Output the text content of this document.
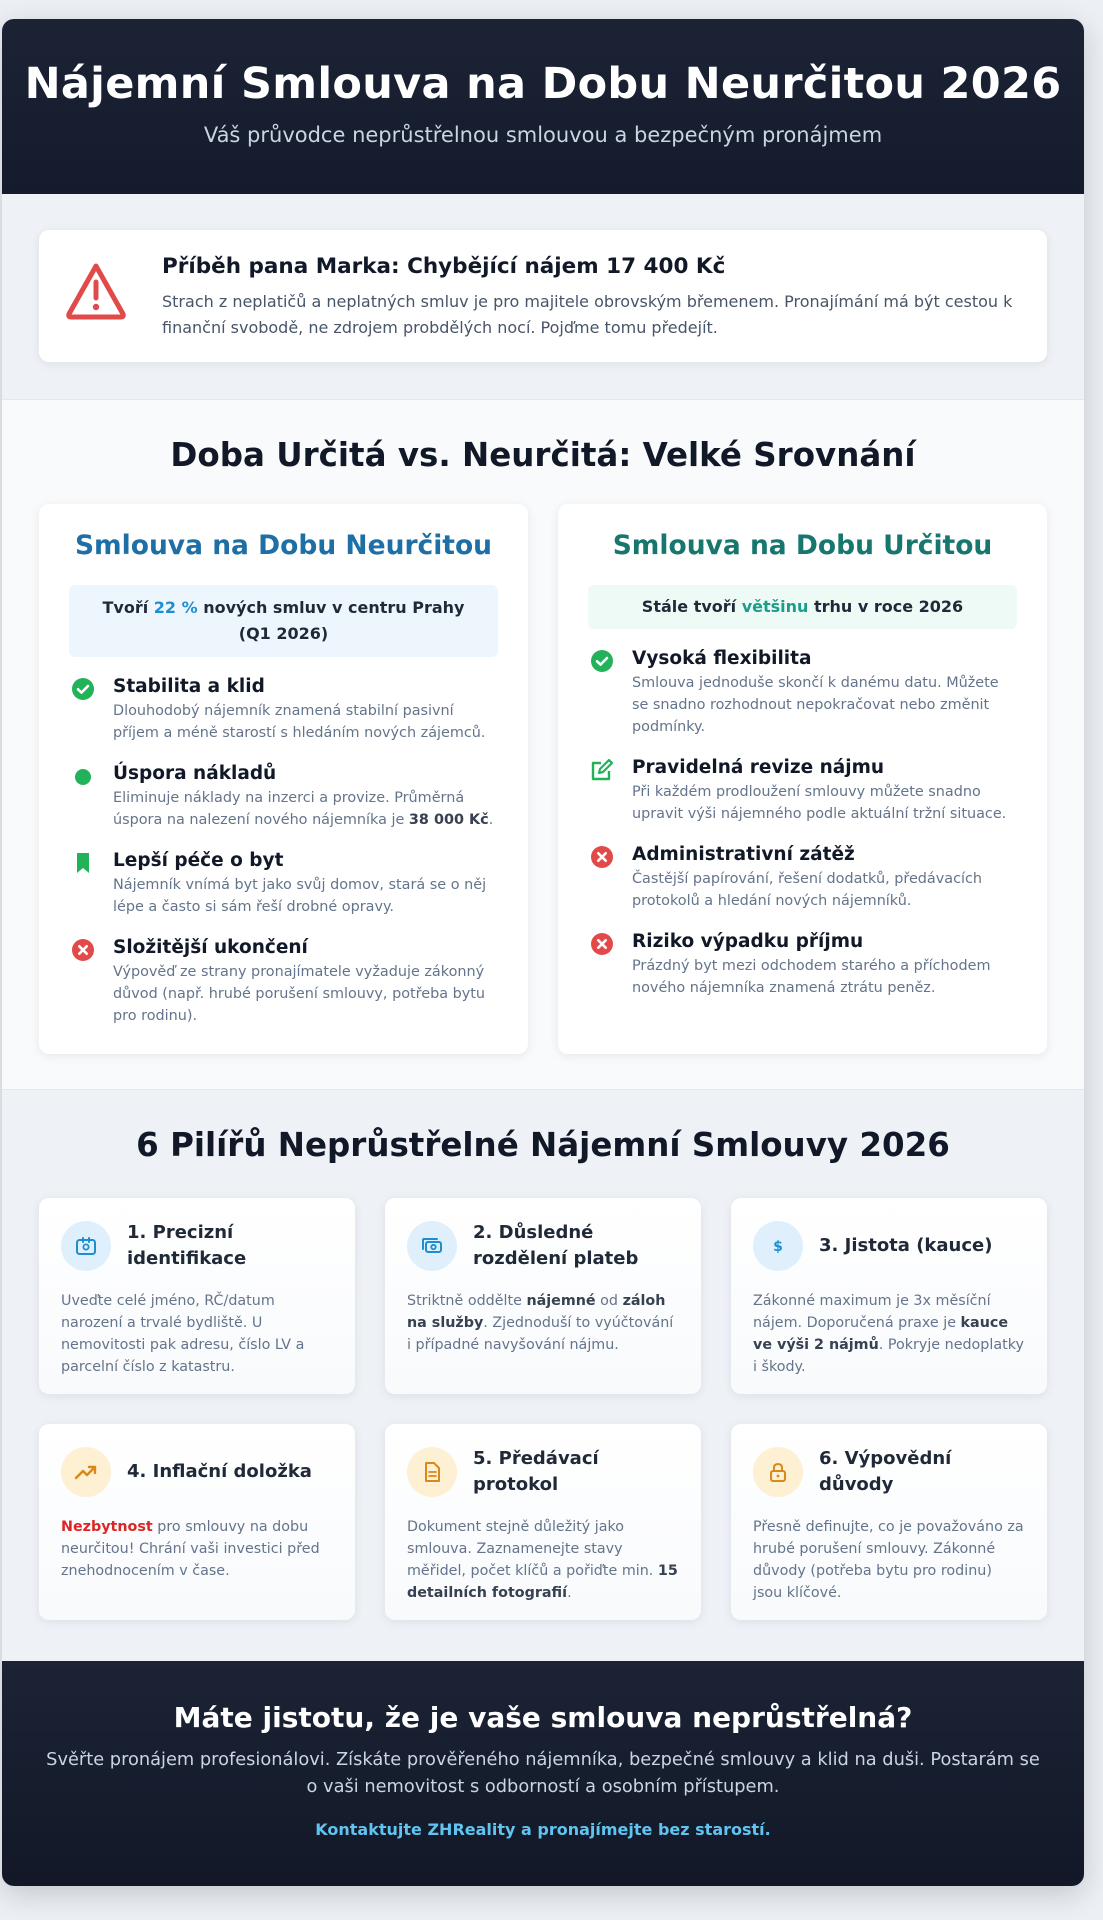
Nájemní Smlouva na Dobu Neurčitou 2026

Váš průvodce neprůstřelnou smlouvou a bezpečným pronájmem

Příběh pana Marka: Chybějící nájem 17 400 Kč

Strach z neplatičů a neplatných smluv je pro majitele obrovským břemenem. Pronajímání má být cestou k finanční svobodě, ne zdrojem probdělých nocí. Pojďme tomu předejít.

Doba Určitá vs. Neurčitá: Velké Srovnání
Smlouva na Dobu Neurčitou
Tvoří 22 % nových smluv v centru Prahy (Q1 2026)
Stabilita a klid

Dlouhodobý nájemník znamená stabilní pasivní příjem a méně starostí s hledáním nových zájemců.

Úspora nákladů

Eliminuje náklady na inzerci a provize. Průměrná úspora na nalezení nového nájemníka je 38 000 Kč.

Lepší péče o byt

Nájemník vnímá byt jako svůj domov, stará se o něj lépe a často si sám řeší drobné opravy.

Složitější ukončení

Výpověď ze strany pronajímatele vyžaduje zákonný důvod (např. hrubé porušení smlouvy, potřeba bytu pro rodinu).

Smlouva na Dobu Určitou
Stále tvoří většinu trhu v roce 2026
Vysoká flexibilita

Smlouva jednoduše skončí k danému datu. Můžete se snadno rozhodnout nepokračovat nebo změnit podmínky.

Pravidelná revize nájmu

Při každém prodloužení smlouvy můžete snadno upravit výši nájemného podle aktuální tržní situace.

Administrativní zátěž

Častější papírování, řešení dodatků, předávacích protokolů a hledání nových nájemníků.

Riziko výpadku příjmu

Prázdný byt mezi odchodem starého a příchodem nového nájemníka znamená ztrátu peněz.

6 Pilířů Neprůstřelné Nájemní Smlouvy 2026
1. Precizní identifikace

Uveďte celé jméno, RČ/datum narození a trvalé bydliště. U nemovitosti pak adresu, číslo LV a parcelní číslo z katastru.

2. Důsledné rozdělení plateb

Striktně oddělte nájemné od záloh na služby. Zjednoduší to vyúčtování i případné navyšování nájmu.

$ 3. Jistota (kauce)

Zákonné maximum je 3x měsíční nájem. Doporučená praxe je kauce ve výši 2 nájmů. Pokryje nedoplatky i škody.

4. Inflační doložka

Nezbytnost pro smlouvy na dobu neurčitou! Chrání vaši investici před znehodnocením v čase.

5. Předávací protokol

Dokument stejně důležitý jako smlouva. Zaznamenejte stavy měřidel, počet klíčů a pořiďte min. 15 detailních fotografií.

6. Výpovědní důvody

Přesně definujte, co je považováno za hrubé porušení smlouvy. Zákonné důvody (potřeba bytu pro rodinu) jsou klíčové.

Máte jistotu, že je vaše smlouva neprůstřelná?

Svěřte pronájem profesionálovi. Získáte prověřeného nájemníka, bezpečné smlouvy a klid na duši. Postarám se o vaši nemovitost s odborností a osobním přístupem.

Kontaktujte ZHReality a pronajímejte bez starostí.
